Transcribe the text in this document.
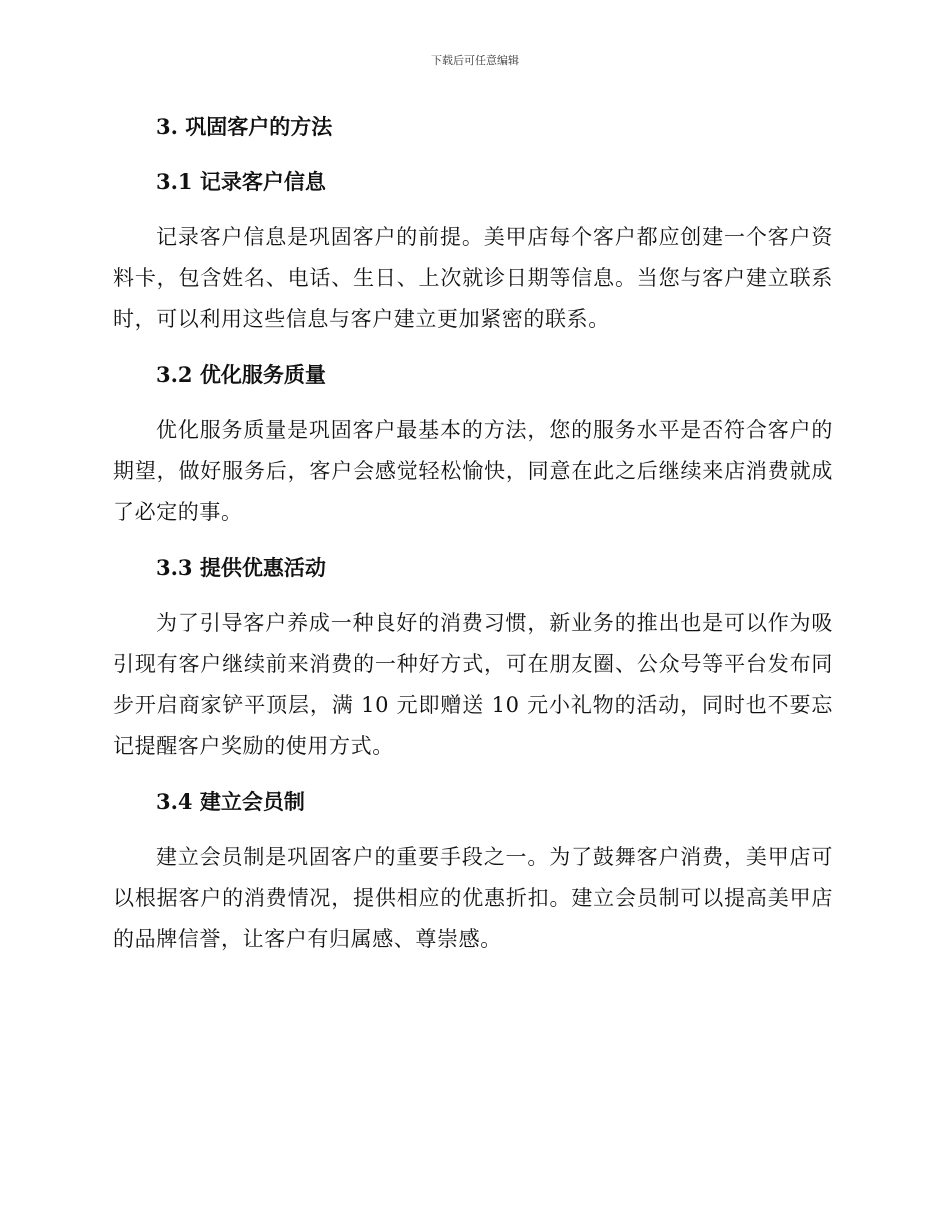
下载后可任意编辑
3. 巩固客户的方法
3.1 记录客户信息

记录客户信息是巩固客户的前提。美甲店每个客户都应创建一个客户资料卡，包含姓名、电话、生日、上次就诊日期等信息。当您与客户建立联系时，可以利用这些信息与客户建立更加紧密的联系。

3.2 优化服务质量

优化服务质量是巩固客户最基本的方法，您的服务水平是否符合客户的期望，做好服务后，客户会感觉轻松愉快，同意在此之后继续来店消费就成了必定的事。

3.3 提供优惠活动

为了引导客户养成一种良好的消费习惯，新业务的推出也是可以作为吸引现有客户继续前来消费的一种好方式，可在朋友圈、公众号等平台发布同步开启商家铲平顶层，满 10 元即赠送 10 元小礼物的活动，同时也不要忘记提醒客户奖励的使用方式。

3.4 建立会员制

建立会员制是巩固客户的重要手段之一。为了鼓舞客户消费，美甲店可以根据客户的消费情况，提供相应的优惠折扣。建立会员制可以提高美甲店的品牌信誉，让客户有归属感、尊崇感。
